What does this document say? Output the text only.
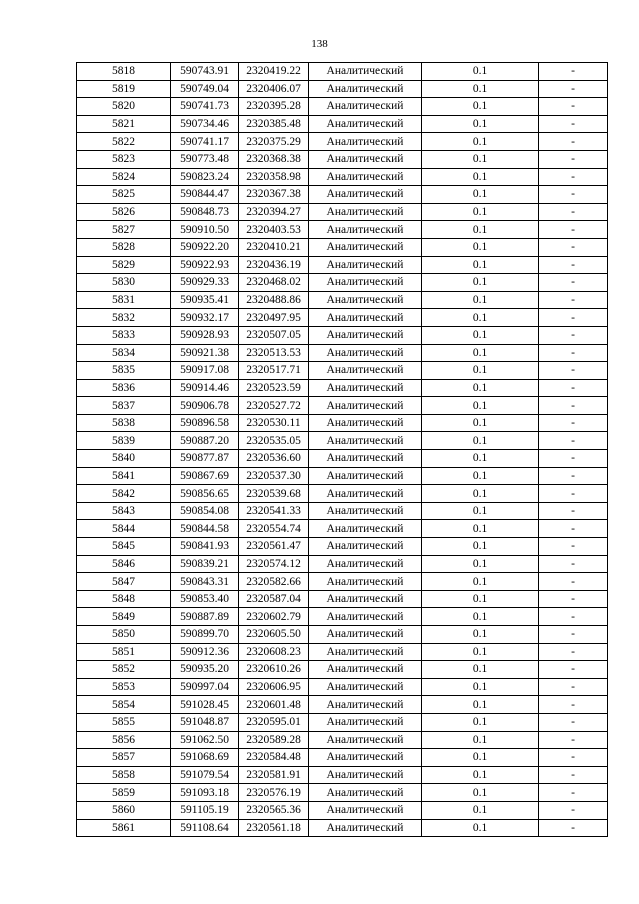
138
5818	590743.91	2320419.22	Аналитический	0.1	-
5819	590749.04	2320406.07	Аналитический	0.1	-
5820	590741.73	2320395.28	Аналитический	0.1	-
5821	590734.46	2320385.48	Аналитический	0.1	-
5822	590741.17	2320375.29	Аналитический	0.1	-
5823	590773.48	2320368.38	Аналитический	0.1	-
5824	590823.24	2320358.98	Аналитический	0.1	-
5825	590844.47	2320367.38	Аналитический	0.1	-
5826	590848.73	2320394.27	Аналитический	0.1	-
5827	590910.50	2320403.53	Аналитический	0.1	-
5828	590922.20	2320410.21	Аналитический	0.1	-
5829	590922.93	2320436.19	Аналитический	0.1	-
5830	590929.33	2320468.02	Аналитический	0.1	-
5831	590935.41	2320488.86	Аналитический	0.1	-
5832	590932.17	2320497.95	Аналитический	0.1	-
5833	590928.93	2320507.05	Аналитический	0.1	-
5834	590921.38	2320513.53	Аналитический	0.1	-
5835	590917.08	2320517.71	Аналитический	0.1	-
5836	590914.46	2320523.59	Аналитический	0.1	-
5837	590906.78	2320527.72	Аналитический	0.1	-
5838	590896.58	2320530.11	Аналитический	0.1	-
5839	590887.20	2320535.05	Аналитический	0.1	-
5840	590877.87	2320536.60	Аналитический	0.1	-
5841	590867.69	2320537.30	Аналитический	0.1	-
5842	590856.65	2320539.68	Аналитический	0.1	-
5843	590854.08	2320541.33	Аналитический	0.1	-
5844	590844.58	2320554.74	Аналитический	0.1	-
5845	590841.93	2320561.47	Аналитический	0.1	-
5846	590839.21	2320574.12	Аналитический	0.1	-
5847	590843.31	2320582.66	Аналитический	0.1	-
5848	590853.40	2320587.04	Аналитический	0.1	-
5849	590887.89	2320602.79	Аналитический	0.1	-
5850	590899.70	2320605.50	Аналитический	0.1	-
5851	590912.36	2320608.23	Аналитический	0.1	-
5852	590935.20	2320610.26	Аналитический	0.1	-
5853	590997.04	2320606.95	Аналитический	0.1	-
5854	591028.45	2320601.48	Аналитический	0.1	-
5855	591048.87	2320595.01	Аналитический	0.1	-
5856	591062.50	2320589.28	Аналитический	0.1	-
5857	591068.69	2320584.48	Аналитический	0.1	-
5858	591079.54	2320581.91	Аналитический	0.1	-
5859	591093.18	2320576.19	Аналитический	0.1	-
5860	591105.19	2320565.36	Аналитический	0.1	-
5861	591108.64	2320561.18	Аналитический	0.1	-
